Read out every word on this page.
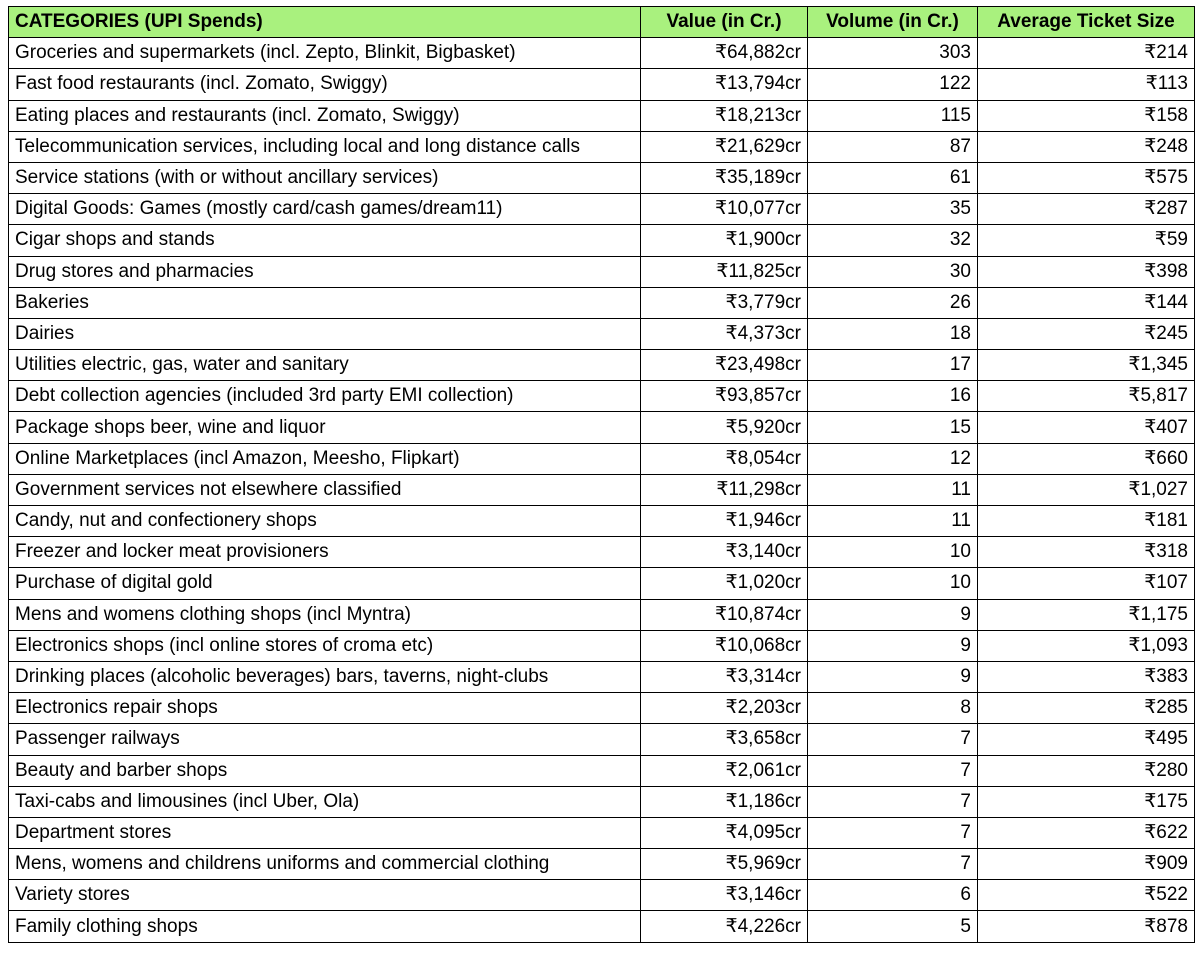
CATEGORIES (UPI Spends)	Value (in Cr.)	Volume (in Cr.)	Average Ticket Size
Groceries and supermarkets (incl. Zepto, Blinkit, Bigbasket)	₹64,882cr	303	₹214
Fast food restaurants (incl. Zomato, Swiggy)	₹13,794cr	122	₹113
Eating places and restaurants (incl. Zomato, Swiggy)	₹18,213cr	115	₹158
Telecommunication services, including local and long distance calls	₹21,629cr	87	₹248
Service stations (with or without ancillary services)	₹35,189cr	61	₹575
Digital Goods: Games (mostly card/cash games/dream11)	₹10,077cr	35	₹287
Cigar shops and stands	₹1,900cr	32	₹59
Drug stores and pharmacies	₹11,825cr	30	₹398
Bakeries	₹3,779cr	26	₹144
Dairies	₹4,373cr	18	₹245
Utilities electric, gas, water and sanitary	₹23,498cr	17	₹1,345
Debt collection agencies (included 3rd party EMI collection)	₹93,857cr	16	₹5,817
Package shops beer, wine and liquor	₹5,920cr	15	₹407
Online Marketplaces (incl Amazon, Meesho, Flipkart)	₹8,054cr	12	₹660
Government services not elsewhere classified	₹11,298cr	11	₹1,027
Candy, nut and confectionery shops	₹1,946cr	11	₹181
Freezer and locker meat provisioners	₹3,140cr	10	₹318
Purchase of digital gold	₹1,020cr	10	₹107
Mens and womens clothing shops (incl Myntra)	₹10,874cr	9	₹1,175
Electronics shops (incl online stores of croma etc)	₹10,068cr	9	₹1,093
Drinking places (alcoholic beverages) bars, taverns, night-clubs	₹3,314cr	9	₹383
Electronics repair shops	₹2,203cr	8	₹285
Passenger railways	₹3,658cr	7	₹495
Beauty and barber shops	₹2,061cr	7	₹280
Taxi-cabs and limousines (incl Uber, Ola)	₹1,186cr	7	₹175
Department stores	₹4,095cr	7	₹622
Mens, womens and childrens uniforms and commercial clothing	₹5,969cr	7	₹909
Variety stores	₹3,146cr	6	₹522
Family clothing shops	₹4,226cr	5	₹878
